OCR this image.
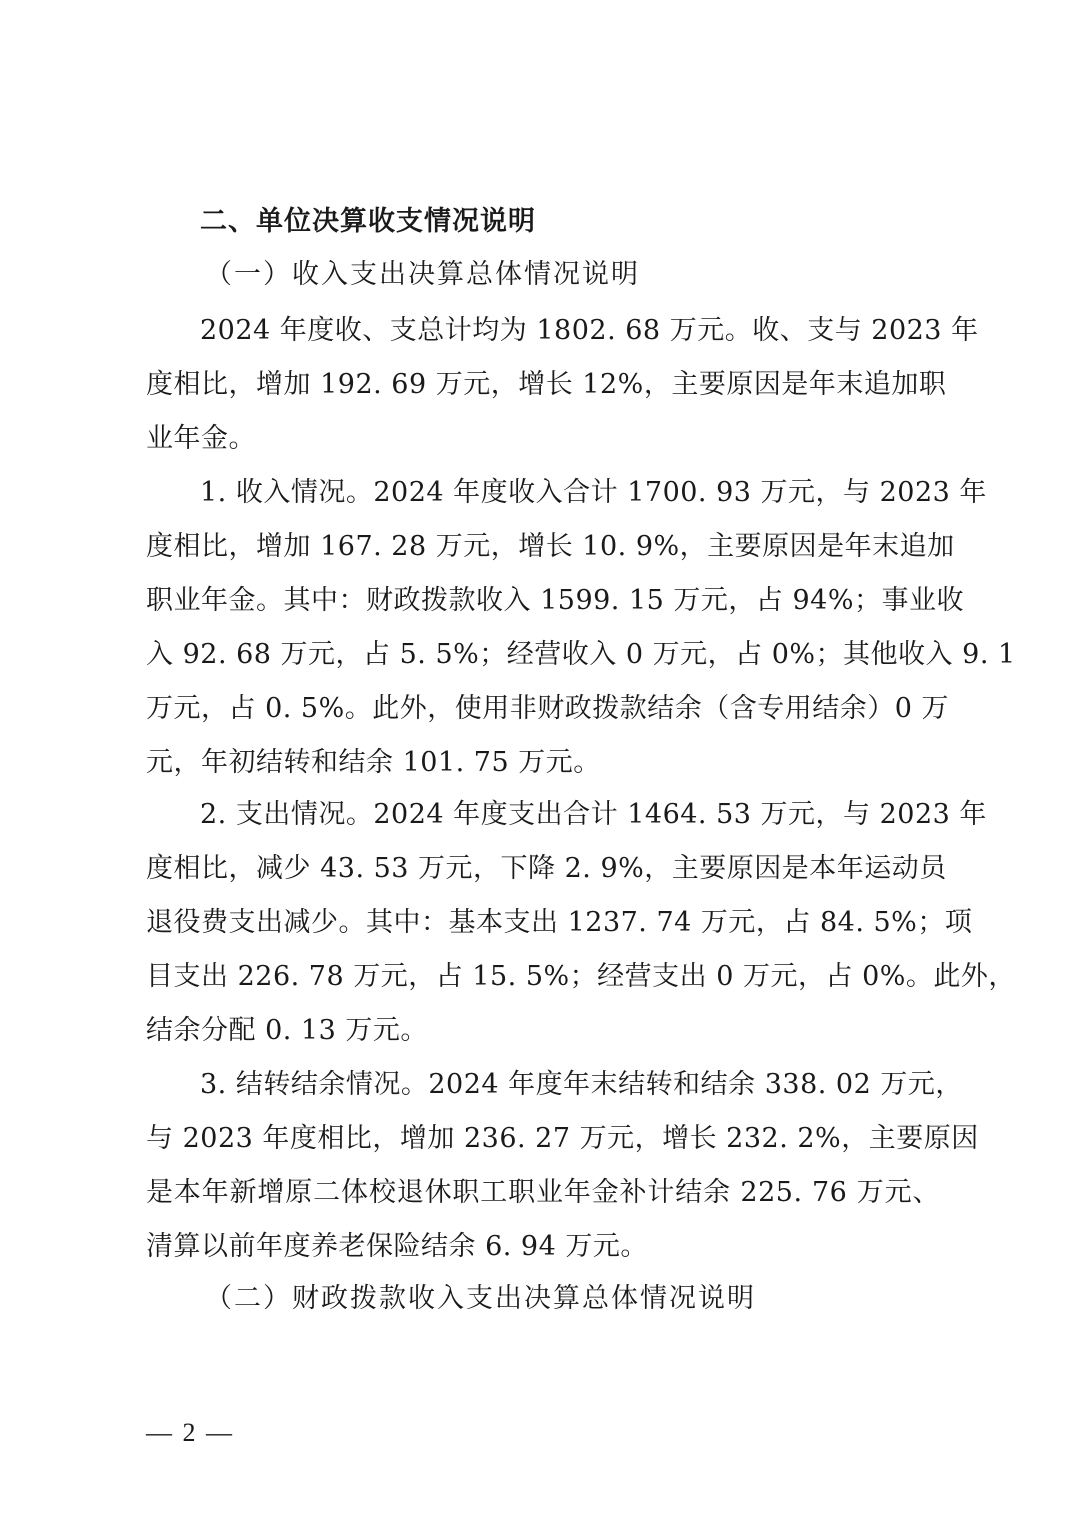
二、单位决算收支情况说明
（一）收入支出决算总体情况说明
2024 年度收、支总计均为 1802. 68 万元。收、支与 2023 年
度相比，增加 192. 69 万元，增长 12%，主要原因是年末追加职
业年金。
1. 收入情况。2024 年度收入合计 1700. 93 万元，与 2023 年
度相比，增加 167. 28 万元，增长 10. 9%，主要原因是年末追加
职业年金。其中：财政拨款收入 1599. 15 万元，占 94%；事业收
入 92. 68 万元，占 5. 5%；经营收入 0 万元，占 0%；其他收入 9. 1
万元，占 0. 5%。此外，使用非财政拨款结余（含专用结余）0 万
元，年初结转和结余 101. 75 万元。
2. 支出情况。2024 年度支出合计 1464. 53 万元，与 2023 年
度相比，减少 43. 53 万元，下降 2. 9%，主要原因是本年运动员
退役费支出减少。其中：基本支出 1237. 74 万元，占 84. 5%；项
目支出 226. 78 万元，占 15. 5%；经营支出 0 万元，占 0%。此外，
结余分配 0. 13 万元。
3. 结转结余情况。2024 年度年末结转和结余 338. 02 万元，
与 2023 年度相比，增加 236. 27 万元，增长 232. 2%，主要原因
是本年新增原二体校退休职工职业年金补计结余 225. 76 万元、
清算以前年度养老保险结余 6. 94 万元。
（二）财政拨款收入支出决算总体情况说明
— 2 —
